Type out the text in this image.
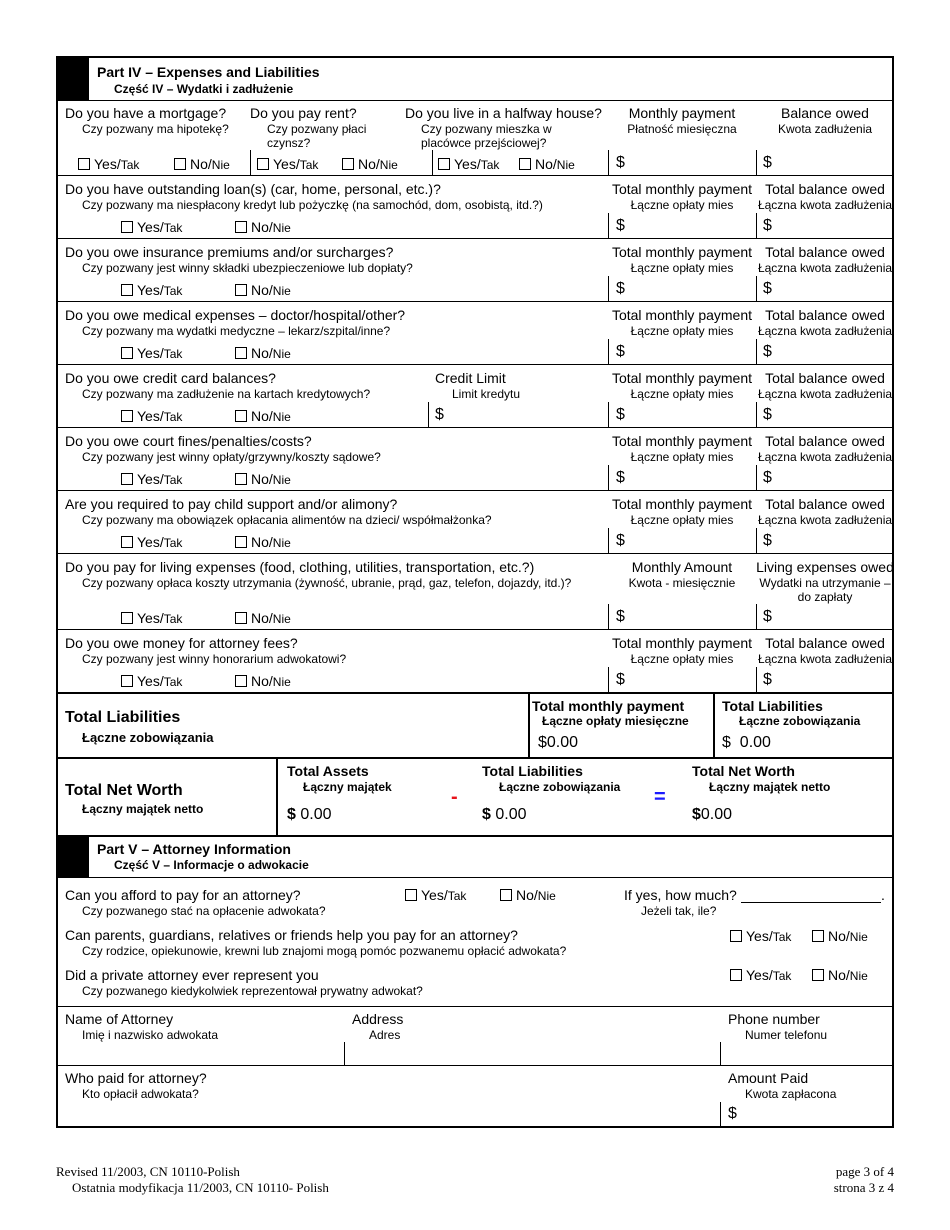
Part IV – Expenses and Liabilities
Część IV – Wydatki i zadłużenie
Do you have a mortgage?
Czy pozwany ma hipotekę?
Do you pay rent?
Czy pozwany płaci
czynsz?
Do you live in a halfway house?
Czy pozwany mieszka w
placówce przejściowej?
Monthly payment
Płatność miesięczna
Balance owed
Kwota zadłużenia
Yes/Tak	No/Nie	Yes/Tak	No/Nie	Yes/Tak	No/Nie	$	$
Do you have outstanding loan(s) (car, home, personal, etc.)?
Czy pozwany ma niespłacony kredyt lub pożyczkę (na samochód, dom, osobistą, itd.?)
Total monthly payment
Łączne opłaty mies
Total balance owed
Łączna kwota zadłużenia
Yes/Tak	No/Nie	$	$
Do you owe insurance premiums and/or surcharges?
Czy pozwany jest winny składki ubezpieczeniowe lub dopłaty?
Total monthly payment
Łączne opłaty mies
Total balance owed
Łączna kwota zadłużenia
Yes/Tak	No/Nie	$	$
Do you owe medical expenses – doctor/hospital/other?
Czy pozwany ma wydatki medyczne – lekarz/szpital/inne?
Total monthly payment
Łączne opłaty mies
Total balance owed
Łączna kwota zadłużenia
Yes/Tak	No/Nie	$	$
Do you owe credit card balances?
Czy pozwany ma zadłużenie na kartach kredytowych?
Credit Limit
Limit kredytu
Total monthly payment
Łączne opłaty mies
Total balance owed
Łączna kwota zadłużenia
Yes/Tak	No/Nie	$	$	$
Do you owe court fines/penalties/costs?
Czy pozwany jest winny opłaty/grzywny/koszty sądowe?
Total monthly payment
Łączne opłaty mies
Total balance owed
Łączna kwota zadłużenia
Yes/Tak	No/Nie	$	$
Are you required to pay child support and/or alimony?
Czy pozwany ma obowiązek opłacania alimentów na dzieci/ współmałżonka?
Total monthly payment
Łączne opłaty mies
Total balance owed
Łączna kwota zadłużenia
Yes/Tak	No/Nie	$	$
Do you pay for living expenses (food, clothing, utilities, transportation, etc.?)
Czy pozwany opłaca koszty utrzymania (żywność, ubranie, prąd, gaz, telefon, dojazdy, itd.)?
Monthly Amount
Kwota - miesięcznie
Living expenses owed
Wydatki na utrzymanie –
do zapłaty
Yes/Tak	No/Nie	$	$
Do you owe money for attorney fees?
Czy pozwany jest winny honorarium adwokatowi?
Total monthly payment
Łączne opłaty mies
Total balance owed
Łączna kwota zadłużenia
Yes/Tak	No/Nie	$	$
Total Liabilities
Łączne zobowiązania
Total monthly payment
Łączne opłaty miesięczne
$0.00
Total Liabilities
Łączne zobowiązania
$ 0.00
Total Net Worth
Łączny majątek netto
Total Assets
Łączny majątek
$ 0.00
-
Total Liabilities
Łączne zobowiązania
$ 0.00
=
Total Net Worth
Łączny majątek netto
$0.00
Part V – Attorney Information
Część V – Informacje o adwokacie
Can you afford to pay for an attorney?
Czy pozwanego stać na opłacenie adwokata?
Yes/Tak	No/Nie	If yes, how much?	.
Jeżeli tak, ile?
Can parents, guardians, relatives or friends help you pay for an attorney?
Czy rodzice, opiekunowie, krewni lub znajomi mogą pomóc pozwanemu opłacić adwokata?
Yes/Tak	No/Nie
Did a private attorney ever represent you
Czy pozwanego kiedykolwiek reprezentował prywatny adwokat?
Yes/Tak	No/Nie
Name of Attorney
Imię i nazwisko adwokata
Address
Adres
Phone number
Numer telefonu
Who paid for attorney?
Kto opłacił adwokata?
Amount Paid
Kwota zapłacona
$
Revised 11/2003, CN 10110-Polish
Ostatnia modyfikacja 11/2003, CN 10110- Polish
page 3 of 4
strona 3 z 4
